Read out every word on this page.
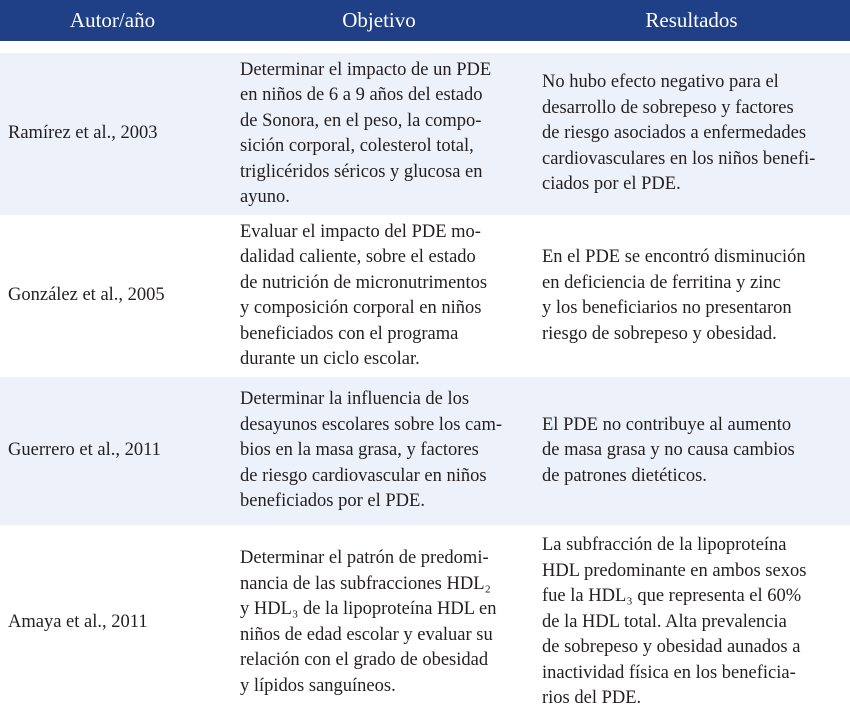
Autor/año	Objetivo	Resultados
Ramírez et al., 2003
Determinar el impacto de un PDE
en niños de 6 a 9 años del estado
de Sonora, en el peso, la compo-
sición corporal, colesterol total,
triglicéridos séricos y glucosa en
ayuno.
No hubo efecto negativo para el
desarrollo de sobrepeso y factores
de riesgo asociados a enfermedades
cardiovasculares en los niños benefi-
ciados por el PDE.
González et al., 2005
Evaluar el impacto del PDE mo-
dalidad caliente, sobre el estado
de nutrición de micronutrimentos
y composición corporal en niños
beneficiados con el programa
durante un ciclo escolar.
En el PDE se encontró disminución
en deficiencia de ferritina y zinc
y los beneficiarios no presentaron
riesgo de sobrepeso y obesidad.
Guerrero et al., 2011
Determinar la influencia de los
desayunos escolares sobre los cam-
bios en la masa grasa, y factores
de riesgo cardiovascular en niños
beneficiados por el PDE.
El PDE no contribuye al aumento
de masa grasa y no causa cambios
de patrones dietéticos.
Amaya et al., 2011
Determinar el patrón de predomi-
nancia de las subfracciones HDL₂
y HDL₃ de la lipoproteína HDL en
niños de edad escolar y evaluar su
relación con el grado de obesidad
y lípidos sanguíneos.
La subfracción de la lipoproteína
HDL predominante en ambos sexos
fue la HDL₃ que representa el 60%
de la HDL total. Alta prevalencia
de sobrepeso y obesidad aunados a
inactividad física en los beneficia-
rios del PDE.
